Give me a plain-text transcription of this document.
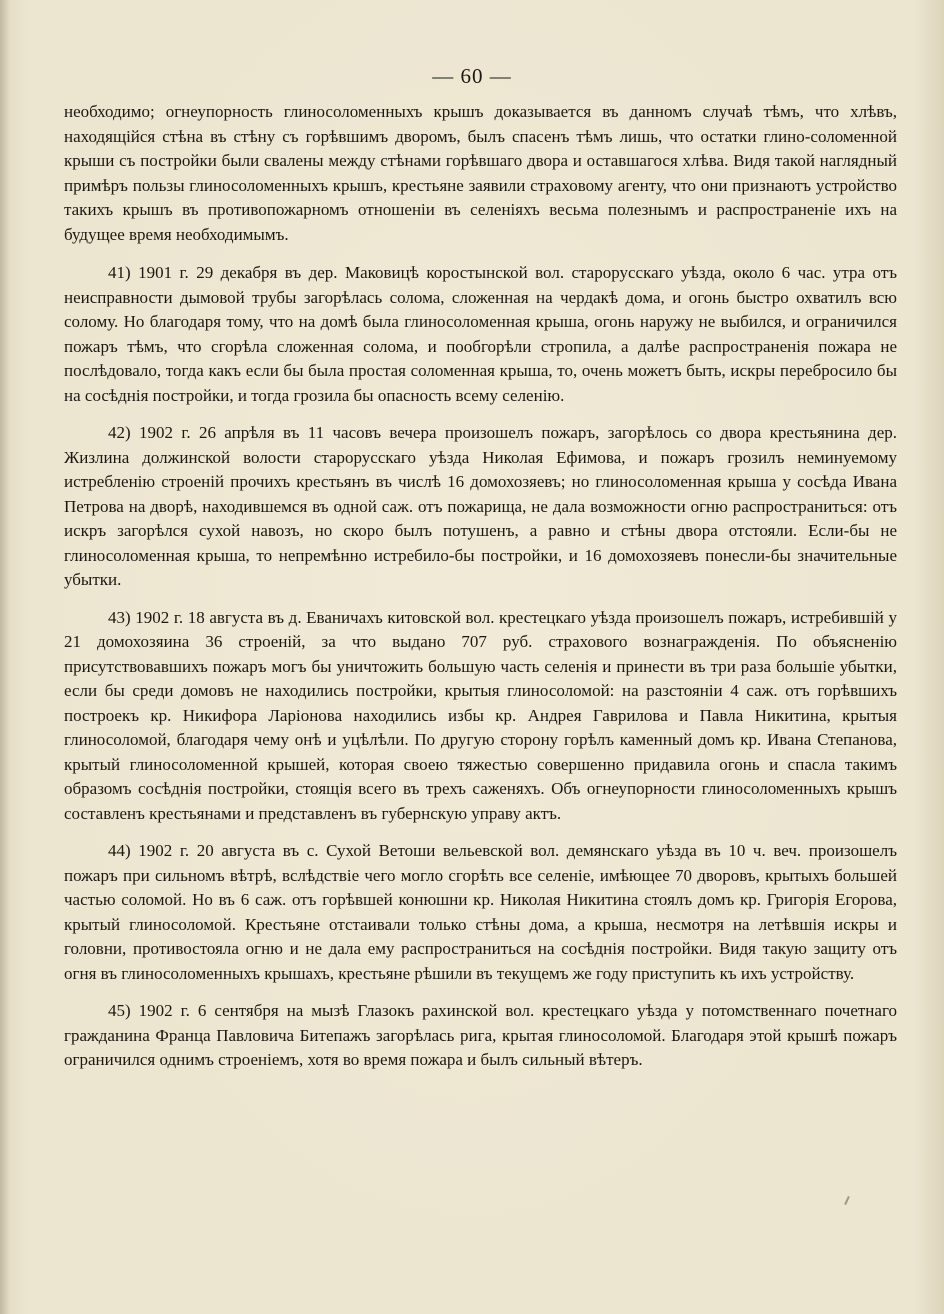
— 60 —

необходимо; огнеупорность глиносоломенныхъ крышъ доказывается въ данномъ случаѣ тѣмъ, что хлѣвъ, находящійся стѣна въ стѣну съ горѣвшимъ дворомъ, былъ спасенъ тѣмъ лишь, что остатки глино-соломенной крыши съ постройки были свалены между стѣнами горѣвшаго двора и оставшагося хлѣва. Видя такой наглядный примѣръ пользы глиносоломенныхъ крышъ, крестьяне заявили страховому агенту, что они признаютъ устройство такихъ крышъ въ противопожарномъ отношеніи въ селеніяхъ весьма полезнымъ и распространеніе ихъ на будущее время необходимымъ.

41) 1901 г. 29 декабря въ дер. Маковицѣ коростынской вол. старорусскаго уѣзда, около 6 час. утра отъ неисправности дымовой трубы загорѣлась солома, сложенная на чердакѣ дома, и огонь быстро охватилъ всю солому. Но благодаря тому, что на домѣ была глиносоломенная крыша, огонь наружу не выбился, и ограничился пожаръ тѣмъ, что сгорѣла сложенная солома, и пообгорѣли стропила, а далѣе распространенія пожара не послѣдовало, тогда какъ если бы была простая соломенная крыша, то, очень можетъ быть, искры перебросило бы на сосѣднія постройки, и тогда грозила бы опасность всему селенію.

42) 1902 г. 26 апрѣля въ 11 часовъ вечера произошелъ пожаръ, загорѣлось со двора крестьянина дер. Жизлина должинской волости старорусскаго уѣзда Николая Ефимова, и пожаръ грозилъ неминуемому истребленію строеній прочихъ крестьянъ въ числѣ 16 домохозяевъ; но глиносоломенная крыша у сосѣда Ивана Петрова на дворѣ, находившемся въ одной саж. отъ пожарища, не дала возможности огню распространиться: отъ искръ загорѣлся сухой навозъ, но скоро былъ потушенъ, а равно и стѣны двора отстояли. Если-бы не глиносоломенная крыша, то непремѣнно истребило-бы постройки, и 16 домохозяевъ понесли-бы значительные убытки.

43) 1902 г. 18 августа въ д. Еваничахъ китовской вол. крестецкаго уѣзда произошелъ пожаръ, истребившій у 21 домохозяина 36 строеній, за что выдано 707 руб. страхового вознагражденія. По объясненію присутствовавшихъ пожаръ могъ бы уничтожить большую часть селенія и принести въ три раза большіе убытки, если бы среди домовъ не находились постройки, крытыя глиносоломой: на разстояніи 4 саж. отъ горѣвшихъ построекъ кр. Никифора Ларіонова находились избы кр. Андрея Гаврилова и Павла Никитина, крытыя глиносоломой, благодаря чему онѣ и уцѣлѣли. По другую сторону горѣлъ каменный домъ кр. Ивана Степанова, крытый глиносоломенной крышей, которая своею тяжестью совершенно придавила огонь и спасла такимъ образомъ сосѣднія постройки, стоящія всего въ трехъ саженяхъ. Объ огнеупорности глиносоломенныхъ крышъ составленъ крестьянами и представленъ въ губернскую управу актъ.

44) 1902 г. 20 августа въ с. Сухой Ветоши вельевской вол. демянскаго уѣзда въ 10 ч. веч. произошелъ пожаръ при сильномъ вѣтрѣ, вслѣдствіе чего могло сгорѣть все селеніе, имѣющее 70 дворовъ, крытыхъ большей частью соломой. Но въ 6 саж. отъ горѣвшей конюшни кр. Николая Никитина стоялъ домъ кр. Григорія Егорова, крытый глиносоломой. Крестьяне отстаивали только стѣны дома, а крыша, несмотря на летѣвшія искры и головни, противостояла огню и не дала ему распространиться на сосѣднія постройки. Видя такую защиту отъ огня въ глиносоломенныхъ крышахъ, крестьяне рѣшили въ текущемъ же году приступить къ ихъ устройству.

45) 1902 г. 6 сентября на мызѣ Глазокъ рахинской вол. крестецкаго уѣзда у потомственнаго почетнаго гражданина Франца Павловича Битепажъ загорѣлась рига, крытая глиносоломой. Благодаря этой крышѣ пожаръ ограничился однимъ строеніемъ, хотя во время пожара и былъ сильный вѣтеръ.
